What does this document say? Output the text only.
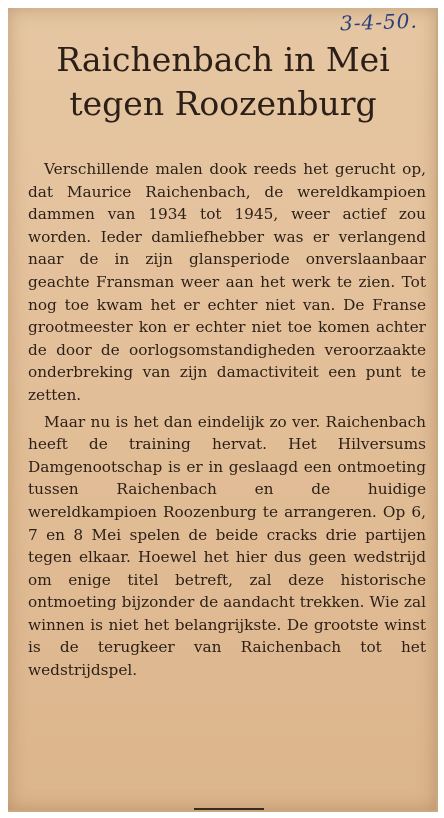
3-4-50.
Raichenbach in Mei
tegen Roozenburg

Verschillende malen dook reeds het gerucht op, dat Maurice Raichenbach, de wereldkampioen dammen van 1934 tot 1945, weer actief zou worden. Ieder damliefhebber was er verlangend naar de in zijn glansperiode onverslaanbaar geachte Fransman weer aan het werk te zien. Tot nog toe kwam het er echter niet van. De Franse grootmeester kon er echter niet toe komen achter de door de oorlogsomstandigheden veroorzaakte onderbreking van zijn damactiviteit een punt te zetten.

Maar nu is het dan eindelijk zo ver. Raichenbach heeft de training hervat. Het Hilversums Damgenootschap is er in geslaagd een ontmoeting tussen Raichenbach en de huidige wereldkampioen Roozenburg te arrangeren. Op 6, 7 en 8 Mei spelen de beide cracks drie partijen tegen elkaar. Hoewel het hier dus geen wedstrijd om enige titel betreft, zal deze historische ontmoeting bijzonder de aandacht trekken. Wie zal winnen is niet het belangrijkste. De grootste winst is de terugkeer van Raichenbach tot het wedstrijdspel.
